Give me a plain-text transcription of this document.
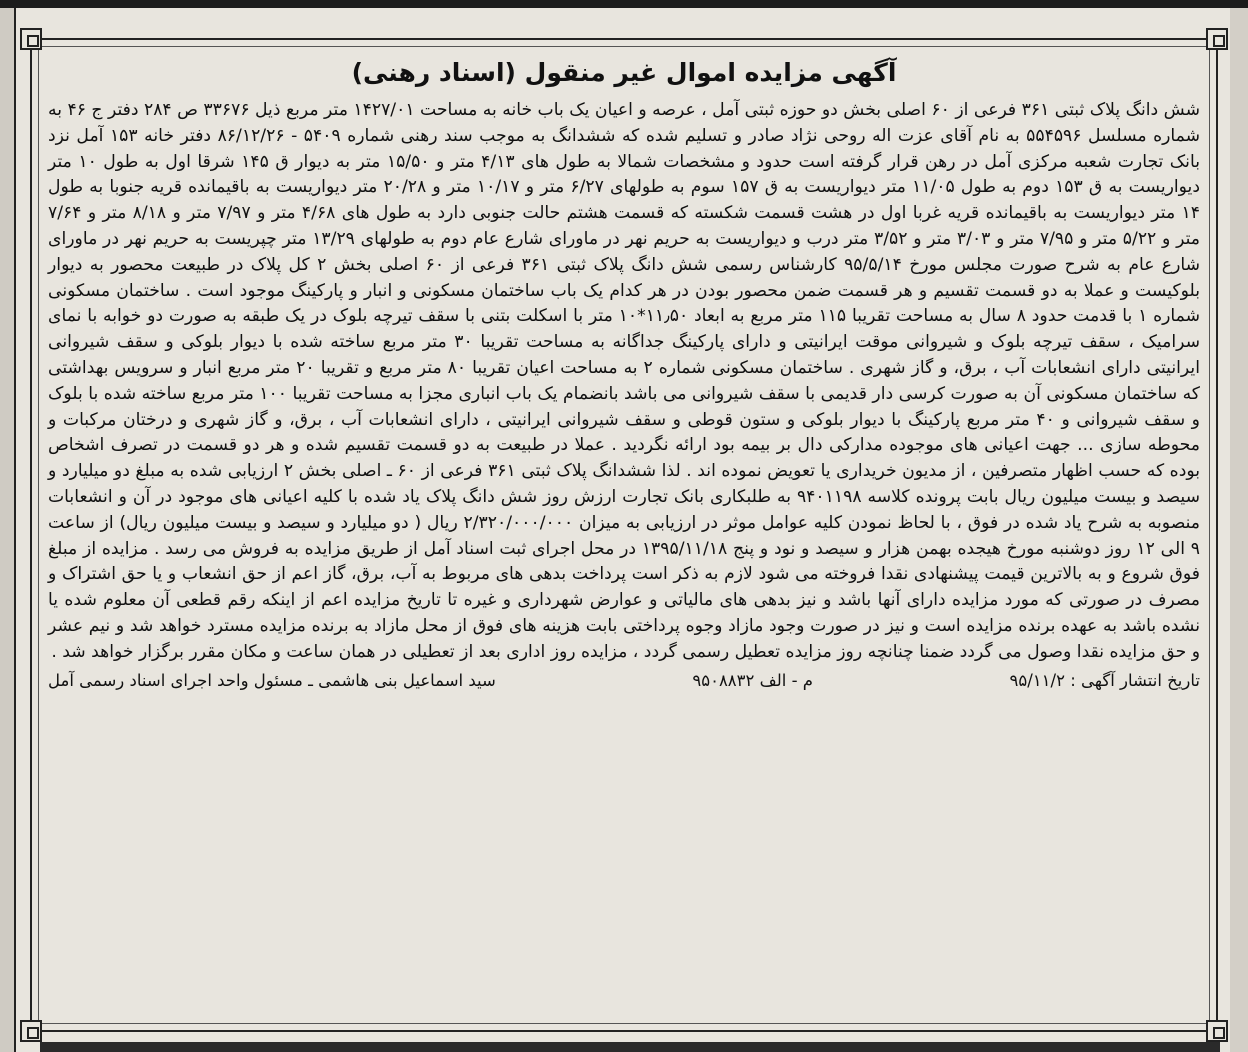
آگهی مزایده اموال غیر منقول (اسناد رهنی)

شش دانگ پلاک ثبتی ۳۶۱ فرعی از ۶۰ اصلی بخش دو حوزه ثبتی آمل ، عرصه و اعیان یک باب خانه به مساحت ۱۴۲۷/۰۱ متر مربع ذیل ۳۳۶۷۶ ص ۲۸۴ دفتر ج ۴۶ به شماره مسلسل ۵۵۴۵۹۶ به نام آقای عزت اله روحی نژاد صادر و تسلیم شده که ششدانگ به موجب سند رهنی شماره ۵۴۰۹ - ۸۶/۱۲/۲۶ دفتر خانه ۱۵۳ آمل نزد بانک تجارت شعبه مرکزی آمل در رهن قرار گرفته است حدود و مشخصات شمالا به طول های ۴/۱۳ متر و ۱۵/۵۰ متر به دیوار ق ۱۴۵ شرقا اول به طول ۱۰ متر دیواریست به ق ۱۵۳ دوم به طول ۱۱/۰۵ متر دیواریست به ق ۱۵۷ سوم به طولهای ۶/۲۷ متر و ۱۰/۱۷ متر و ۲۰/۲۸ متر دیواریست به باقیمانده قریه جنوبا به طول ۱۴ متر دیواریست به باقیمانده قریه غربا اول در هشت قسمت شکسته که قسمت هشتم حالت جنوبی دارد به طول های ۴/۶۸ متر و ۷/۹۷ متر و ۸/۱۸ متر و ۷/۶۴ متر و ۵/۲۲ متر و ۷/۹۵ متر و ۳/۰۳ متر و ۳/۵۲ متر درب و دیواریست به حریم نهر در ماورای شارع عام دوم به طولهای ۱۳/۲۹ متر چپریست به حریم نهر در ماورای شارع عام به شرح صورت مجلس مورخ ۹۵/۵/۱۴ کارشناس رسمی شش دانگ پلاک ثبتی ۳۶۱ فرعی از ۶۰ اصلی بخش ۲ کل پلاک در طبیعت محصور به دیوار بلوکیست و عملا به دو قسمت تقسیم و هر قسمت ضمن محصور بودن در هر کدام یک باب ساختمان مسکونی و انبار و پارکینگ موجود است . ساختمان مسکونی شماره ۱ با قدمت حدود ۸ سال به مساحت تقریبا ۱۱۵ متر مربع به ابعاد ۱۱٫۵۰*۱۰ متر با اسکلت بتنی با سقف تیرچه بلوک در یک طبقه به صورت دو خوابه با نمای سرامیک ، سقف تیرچه بلوک و شیروانی موقت ایرانیتی و دارای پارکینگ جداگانه به مساحت تقریبا ۳۰ متر مربع ساخته شده با دیوار بلوکی و سقف شیروانی ایرانیتی دارای انشعابات آب ، برق، و گاز شهری . ساختمان مسکونی شماره ۲ به مساحت اعیان تقریبا ۸۰ متر مربع و تقریبا ۲۰ متر مربع انبار و سرویس بهداشتی که ساختمان مسکونی آن به صورت کرسی دار قدیمی با سقف شیروانی می باشد بانضمام یک باب انباری مجزا به مساحت تقریبا ۱۰۰ متر مربع ساخته شده با بلوک و سقف شیروانی و ۴۰ متر مربع پارکینگ با دیوار بلوکی و ستون قوطی و سقف شیروانی ایرانیتی ، دارای انشعابات آب ، برق، و گاز شهری و درختان مرکبات و محوطه سازی ... جهت اعیانی های موجوده مدارکی دال بر بیمه بود ارائه نگردید . عملا در طبیعت به دو قسمت تقسیم شده و هر دو قسمت در تصرف اشخاص بوده که حسب اظهار متصرفین ، از مدیون خریداری یا تعویض نموده اند . لذا ششدانگ پلاک ثبتی ۳۶۱ فرعی از ۶۰ ـ اصلی بخش ۲ ارزیابی شده به مبلغ دو میلیارد و سیصد و بیست میلیون ریال بابت پرونده کلاسه ۹۴۰۱۱۹۸ به طلبکاری بانک تجارت ارزش روز شش دانگ پلاک یاد شده با کلیه اعیانی های موجود در آن و انشعابات منصوبه به شرح یاد شده در فوق ، با لحاظ نمودن کلیه عوامل موثر در ارزیابی به میزان ۲/۳۲۰/۰۰۰/۰۰۰ ریال ( دو میلیارد و سیصد و بیست میلیون ریال) از ساعت ۹ الی ۱۲ روز دوشنبه مورخ هیجده بهمن هزار و سیصد و نود و پنج ۱۳۹۵/۱۱/۱۸ در محل اجرای ثبت اسناد آمل از طریق مزایده به فروش می رسد . مزایده از مبلغ فوق شروع و به بالاترین قیمت پیشنهادی نقدا فروخته می شود لازم به ذکر است پرداخت بدهی های مربوط به آب، برق، گاز اعم از حق انشعاب و یا حق اشتراک و مصرف در صورتی که مورد مزایده دارای آنها باشد و نیز بدهی های مالیاتی و عوارض شهرداری و غیره تا تاریخ مزایده اعم از اینکه رقم قطعی آن معلوم شده یا نشده باشد به عهده برنده مزایده است و نیز در صورت وجود مازاد وجوه پرداختی بابت هزینه های فوق از محل مازاد به برنده مزایده مسترد خواهد شد و نیم عشر و حق مزایده نقدا وصول می گردد ضمنا چنانچه روز مزایده تعطیل رسمی گردد ، مزایده روز اداری بعد از تعطیلی در همان ساعت و مکان مقرر برگزار خواهد شد .

تاریخ انتشار آگهی : ۹۵/۱۱/۲
م - الف ۹۵۰۸۸۳۲
سید اسماعیل بنی هاشمی ـ مسئول واحد اجرای اسناد رسمی آمل
